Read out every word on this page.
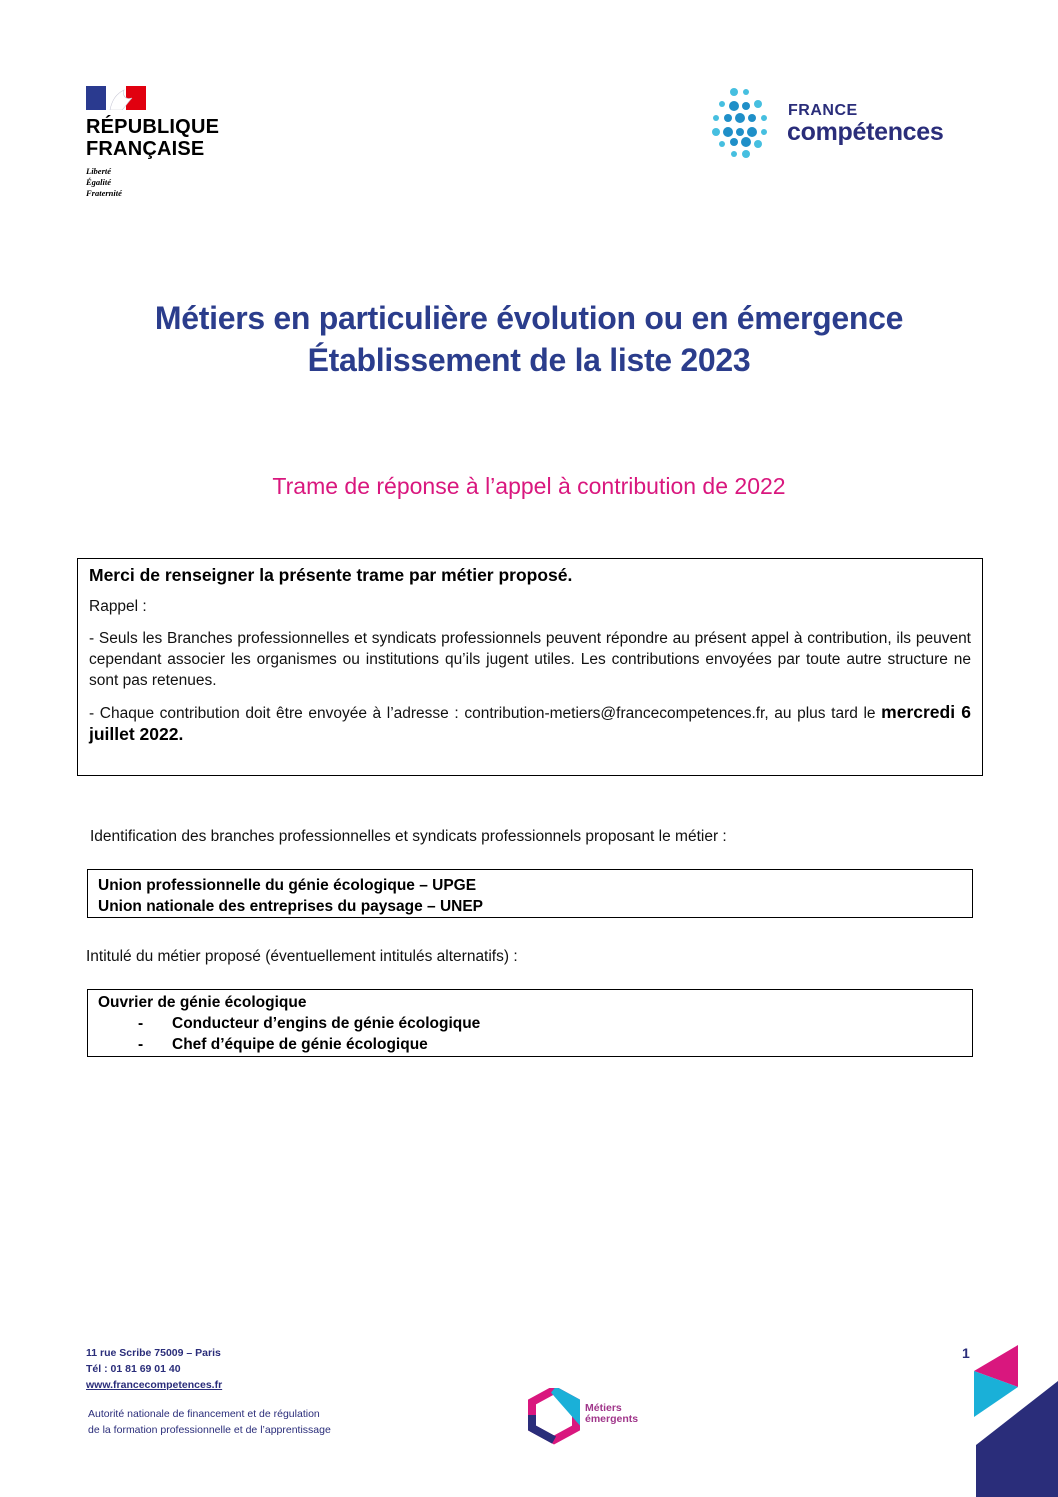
RÉPUBLIQUE
FRANÇAISE
Liberté
Égalité
Fraternité
FRANCE
compétences
Métiers en particulière évolution ou en émergence
Établissement de la liste 2023
Trame de réponse à l’appel à contribution de 2022

Merci de renseigner la présente trame par métier proposé.

Rappel :

- Seuls les Branches professionnelles et syndicats professionnels peuvent répondre au présent appel à contribution, ils peuvent cependant associer les organismes ou institutions qu’ils jugent utiles. Les contributions envoyées par toute autre structure ne sont pas retenues.

- Chaque contribution doit être envoyée à l’adresse : contribution-metiers@francecompetences.fr, au plus tard le mercredi 6 juillet 2022.

Identification des branches professionnelles et syndicats professionnels proposant le métier :
Union professionnelle du génie écologique – UPGE
Union nationale des entreprises du paysage – UNEP
Intitulé du métier proposé (éventuellement intitulés alternatifs) :
Ouvrier de génie écologique
- Conducteur d’engins de génie écologique
- Chef d’équipe de génie écologique
11 rue Scribe 75009 – Paris
Tél : 01 81 69 01 40
www.francecompetences.fr
Autorité nationale de financement et de régulation
de la formation professionnelle et de l’apprentissage
Métiers
émergents
1
